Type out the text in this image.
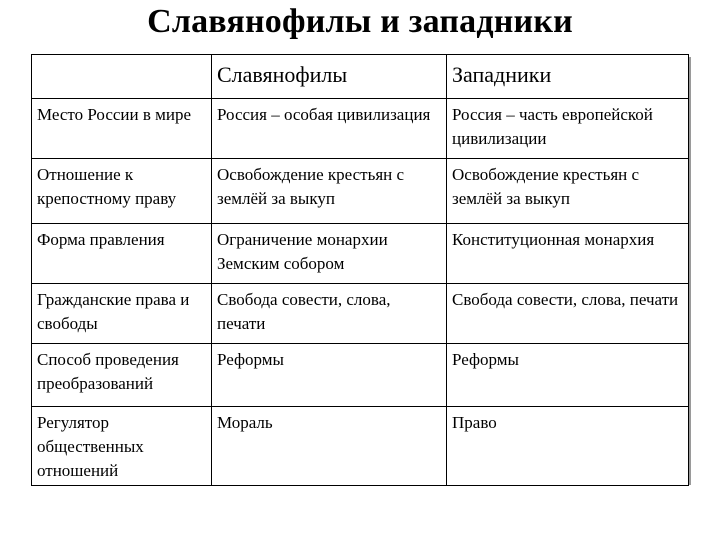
Славянофилы и западники
	Славянофилы	Западники
Место России в мире	Россия – особая цивилизация	Россия – часть европейской цивилизации
Отношение к крепостному праву	Освобождение крестьян с землёй за выкуп	Освобождение крестьян с землёй за выкуп
Форма правления	Ограничение монархии Земским собором	Конституционная монархия
Гражданские права и свободы	Свобода совести, слова, печати	Свобода совести, слова, печати
Способ проведения преобразований	Реформы	Реформы
Регулятор общественных отношений	Мораль	Право
